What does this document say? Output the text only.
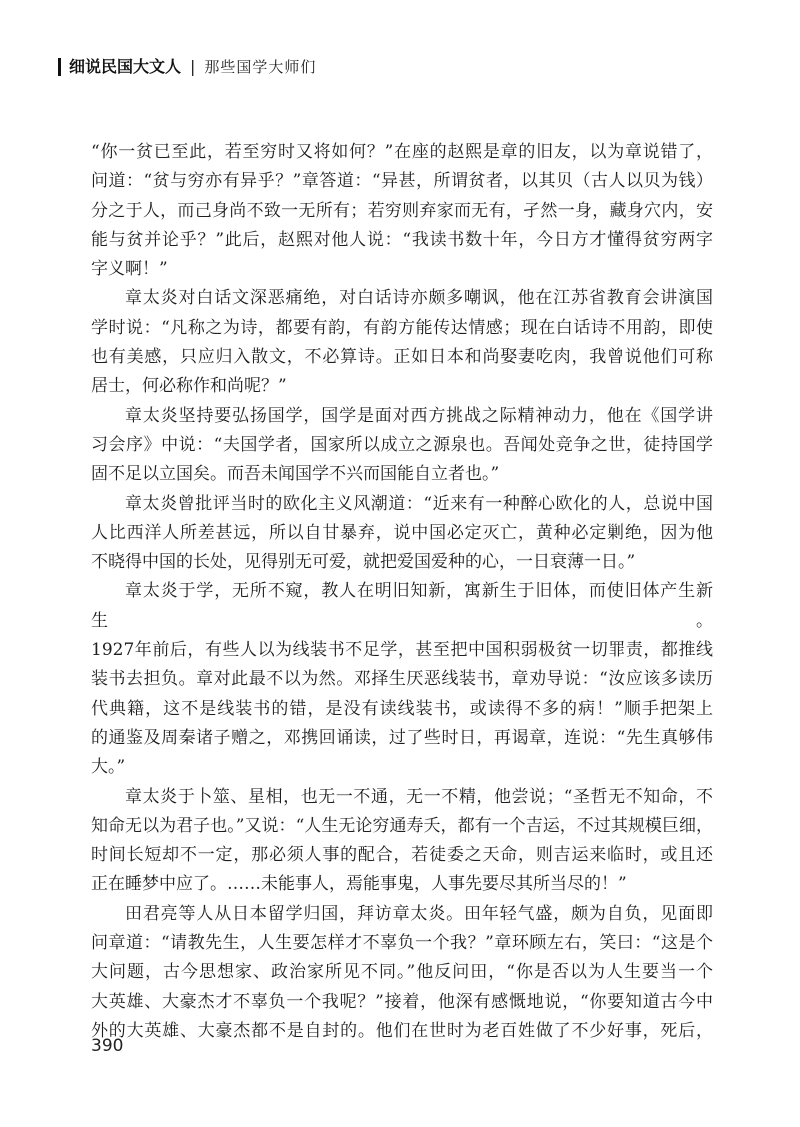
细说民国大文人 | 那些国学大师们

“你一贫已至此，若至穷时又将如何？”在座的赵熙是章的旧友，以为章说错了，

问道：“贫与穷亦有异乎？”章答道：“异甚，所谓贫者，以其贝（古人以贝为钱）

分之于人，而己身尚不致一无所有；若穷则弃家而无有，孑然一身，藏身穴内，安

能与贫并论乎？”此后，赵熙对他人说：“我读书数十年，今日方才懂得贫穷两字

字义啊！”

章太炎对白话文深恶痛绝，对白话诗亦颇多嘲讽，他在江苏省教育会讲演国

学时说：“凡称之为诗，都要有韵，有韵方能传达情感；现在白话诗不用韵，即使

也有美感，只应归入散文，不必算诗。正如日本和尚娶妻吃肉，我曾说他们可称

居士，何必称作和尚呢？”

章太炎坚持要弘扬国学，国学是面对西方挑战之际精神动力，他在《国学讲

习会序》中说：“夫国学者，国家所以成立之源泉也。吾闻处竞争之世，徒持国学

固不足以立国矣。而吾未闻国学不兴而国能自立者也。”

章太炎曾批评当时的欧化主义风潮道：“近来有一种醉心欧化的人，总说中国

人比西洋人所差甚远，所以自甘暴弃，说中国必定灭亡，黄种必定剿绝，因为他

不晓得中国的长处，见得别无可爱，就把爱国爱种的心，一日衰薄一日。”

章太炎于学，无所不窥，教人在明旧知新，寓新生于旧体，而使旧体产生新生。

1927年前后，有些人以为线装书不足学，甚至把中国积弱极贫一切罪责，都推线

装书去担负。章对此最不以为然。邓择生厌恶线装书，章劝导说：“汝应该多读历

代典籍，这不是线装书的错，是没有读线装书，或读得不多的病！”顺手把架上

的通鉴及周秦诸子赠之，邓携回诵读，过了些时日，再谒章，连说：“先生真够伟

大。”

章太炎于卜筮、星相，也无一不通，无一不精，他尝说；“圣哲无不知命，不

知命无以为君子也。”又说：“人生无论穷通寿夭，都有一个吉运，不过其规模巨细，

时间长短却不一定，那必须人事的配合，若徒委之天命，则吉运来临时，或且还

正在睡梦中应了。……未能事人，焉能事鬼，人事先要尽其所当尽的！”

田君亮等人从日本留学归国，拜访章太炎。田年轻气盛，颇为自负，见面即

问章道：“请教先生，人生要怎样才不辜负一个我？”章环顾左右，笑曰：“这是个

大问题，古今思想家、政治家所见不同。”他反问田，“你是否以为人生要当一个

大英雄、大豪杰才不辜负一个我呢？”接着，他深有感慨地说，“你要知道古今中

外的大英雄、大豪杰都不是自封的。他们在世时为老百姓做了不少好事，死后，

390
